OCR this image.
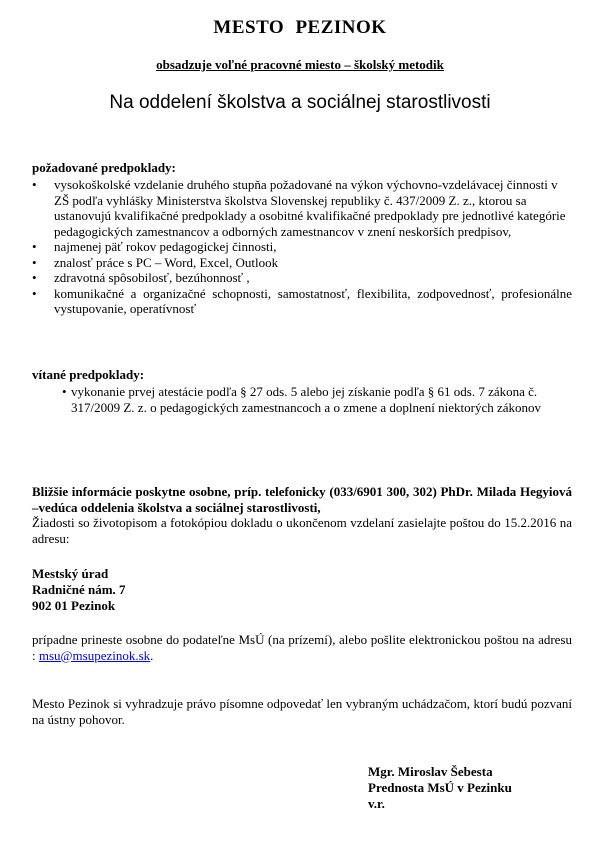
MESTO PEZINOK
obsadzuje voľné pracovné miesto – školský metodik
Na oddelení školstva a sociálnej starostlivosti
požadované predpoklady:
• vysokoškolské vzdelanie druhého stupňa požadované na výkon výchovno-vzdelávacej činnosti v ZŠ podľa vyhlášky Ministerstva školstva Slovenskej republiky č. 437/2009 Z. z., ktorou sa ustanovujú kvalifikačné predpoklady a osobitné kvalifikačné predpoklady pre jednotlivé kategórie pedagogických zamestnancov a odborných zamestnancov v znení neskorších predpisov,
• najmenej päť rokov pedagogickej činnosti,
• znalosť práce s PC – Word, Excel, Outlook
• zdravotná spôsobilosť, bezúhonnosť ,
• komunikačné a organizačné schopnosti, samostatnosť, flexibilita, zodpovednosť, profesionálne vystupovanie, operatívnosť
vítané predpoklady:
• vykonanie prvej atestácie podľa § 27 ods. 5 alebo jej získanie podľa § 61 ods. 7 zákona č. 317/2009 Z. z. o pedagogických zamestnancoch a o zmene a doplnení niektorých zákonov

Bližšie informácie poskytne osobne, príp. telefonicky (033/6901 300, 302) PhDr. Milada Hegyiová –vedúca oddelenia školstva a sociálnej starostlivosti,

Žiadosti so životopisom a fotokópiou dokladu o ukončenom vzdelaní zasielajte poštou do 15.2.2016 na adresu:

Mestský úrad
Radničné nám. 7
902 01 Pezinok

prípadne prineste osobne do podateľne MsÚ (na prízemí), alebo pošlite elektronickou poštou na adresu : msu@msupezinok.sk.

Mesto Pezinok si vyhradzuje právo písomne odpovedať len vybraným uchádzačom, ktorí budú pozvaní na ústny pohovor.

Mgr. Miroslav Šebesta
Prednosta MsÚ v Pezinku
v.r.
